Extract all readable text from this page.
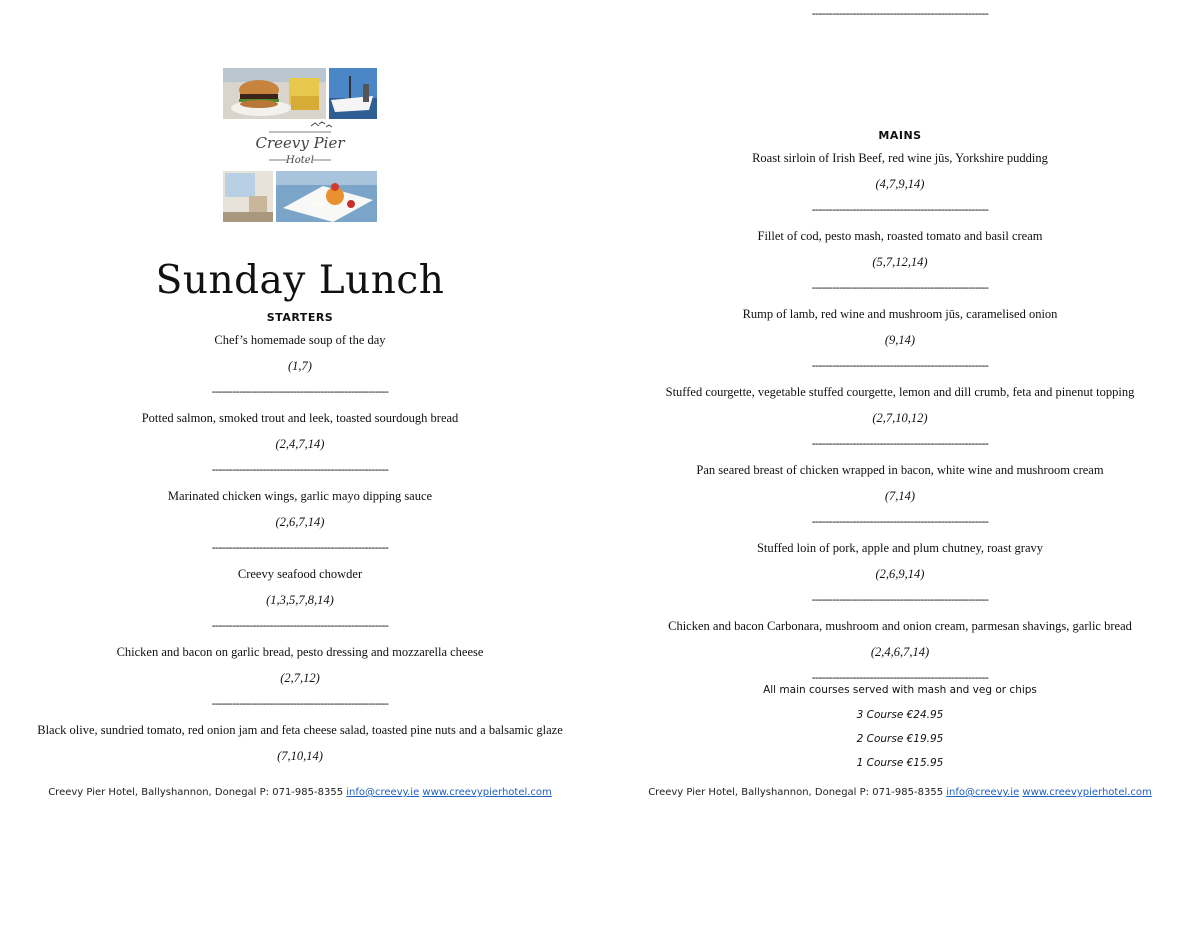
Creevy Pier
Hotel
Sunday Lunch
STARTERS
Chef’s homemade soup of the day
(1,7)
----------------------------------------------------
Potted salmon, smoked trout and leek, toasted sourdough bread
(2,4,7,14)
----------------------------------------------------
Marinated chicken wings, garlic mayo dipping sauce
(2,6,7,14)
----------------------------------------------------
Creevy seafood chowder
(1,3,5,7,8,14)
----------------------------------------------------
Chicken and bacon on garlic bread, pesto dressing and mozzarella cheese
(2,7,12)
----------------------------------------------------
Black olive, sundried tomato, red onion jam and feta cheese salad, toasted pine nuts and a balsamic glaze
(7,10,14)
Creevy Pier Hotel, Ballyshannon, Donegal P: 071-985-8355 info@creevy.ie www.creevypierhotel.com
----------------------------------------------------
MAINS
Roast sirloin of Irish Beef, red wine jūs, Yorkshire pudding
(4,7,9,14)
----------------------------------------------------
Fillet of cod, pesto mash, roasted tomato and basil cream
(5,7,12,14)
----------------------------------------------------
Rump of lamb, red wine and mushroom jūs, caramelised onion
(9,14)
----------------------------------------------------
Stuffed courgette, vegetable stuffed courgette, lemon and dill crumb, feta and pinenut topping
(2,7,10,12)
----------------------------------------------------
Pan seared breast of chicken wrapped in bacon, white wine and mushroom cream
(7,14)
----------------------------------------------------
Stuffed loin of pork, apple and plum chutney, roast gravy
(2,6,9,14)
----------------------------------------------------
Chicken and bacon Carbonara, mushroom and onion cream, parmesan shavings, garlic bread
(2,4,6,7,14)
----------------------------------------------------
All main courses served with mash and veg or chips
3 Course €24.95
2 Course €19.95
1 Course €15.95
Creevy Pier Hotel, Ballyshannon, Donegal P: 071-985-8355 info@creevy.ie www.creevypierhotel.com
